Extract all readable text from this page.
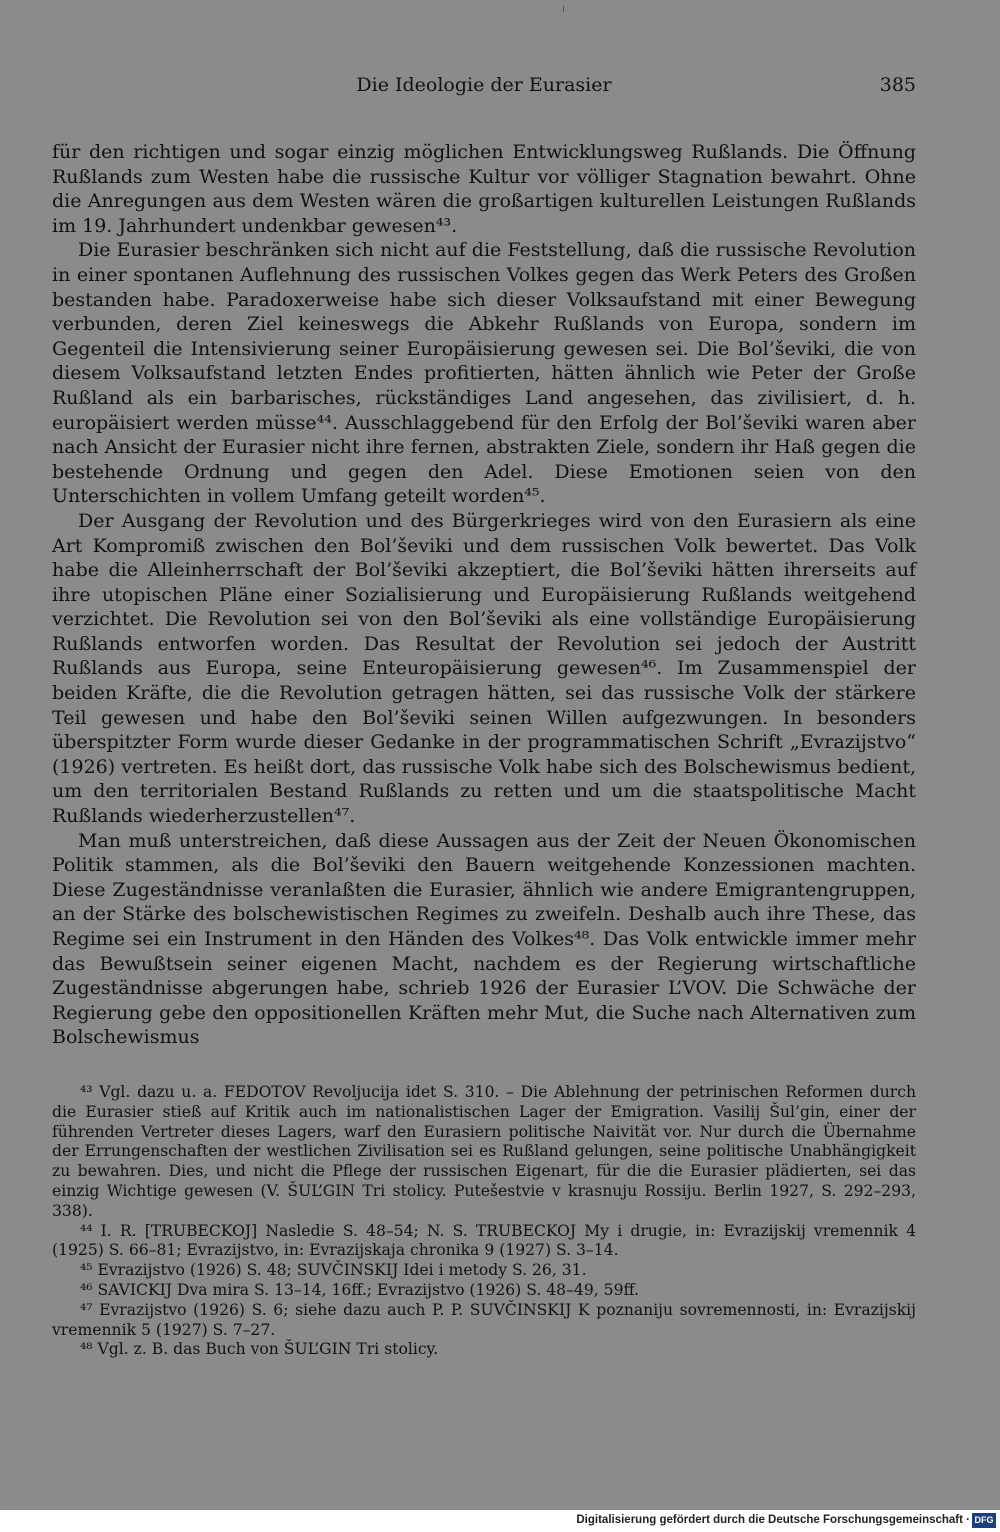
Die Ideologie der Eurasier	385

für den richtigen und sogar einzig möglichen Entwicklungsweg Rußlands. Die Öffnung Rußlands zum Westen habe die russische Kultur vor völliger Stagnation bewahrt. Ohne die Anregungen aus dem Westen wären die großartigen kulturellen Leistungen Rußlands im 19. Jahrhundert undenkbar gewesen⁴³.

Die Eurasier beschränken sich nicht auf die Feststellung, daß die russische Revolution in einer spontanen Auflehnung des russischen Volkes gegen das Werk Peters des Großen bestanden habe. Paradoxerweise habe sich dieser Volksaufstand mit einer Bewegung verbunden, deren Ziel keineswegs die Abkehr Rußlands von Europa, sondern im Gegenteil die Intensivierung seiner Europäisierung gewesen sei. Die Bol’ševiki, die von diesem Volksaufstand letzten Endes profitierten, hätten ähnlich wie Peter der Große Rußland als ein barbarisches, rückständiges Land angesehen, das zivilisiert, d. h. europäisiert werden müsse⁴⁴. Ausschlaggebend für den Erfolg der Bol’ševiki waren aber nach Ansicht der Eurasier nicht ihre fernen, abstrakten Ziele, sondern ihr Haß gegen die bestehende Ordnung und gegen den Adel. Diese Emotionen seien von den Unterschichten in vollem Umfang geteilt worden⁴⁵.

Der Ausgang der Revolution und des Bürgerkrieges wird von den Eurasiern als eine Art Kompromiß zwischen den Bol’ševiki und dem russischen Volk bewertet. Das Volk habe die Alleinherrschaft der Bol’ševiki akzeptiert, die Bol’ševiki hätten ihrerseits auf ihre utopischen Pläne einer Sozialisierung und Europäisierung Rußlands weitgehend verzichtet. Die Revolution sei von den Bol’ševiki als eine vollständige Europäisierung Rußlands entworfen worden. Das Resultat der Revolution sei jedoch der Austritt Rußlands aus Europa, seine Enteuropäisierung gewesen⁴⁶. Im Zusammenspiel der beiden Kräfte, die die Revolution getragen hätten, sei das russische Volk der stärkere Teil gewesen und habe den Bol’ševiki seinen Willen aufgezwungen. In besonders überspitzter Form wurde dieser Gedanke in der programmatischen Schrift „Evrazijstvo“ (1926) vertreten. Es heißt dort, das russische Volk habe sich des Bolschewismus bedient, um den territorialen Bestand Rußlands zu retten und um die staatspolitische Macht Rußlands wiederherzustellen⁴⁷.

Man muß unterstreichen, daß diese Aussagen aus der Zeit der Neuen Ökonomischen Politik stammen, als die Bol’ševiki den Bauern weitgehende Konzessionen machten. Diese Zugeständnisse veranlaßten die Eurasier, ähnlich wie andere Emigrantengruppen, an der Stärke des bolschewistischen Regimes zu zweifeln. Deshalb auch ihre These, das Regime sei ein Instrument in den Händen des Volkes⁴⁸. Das Volk entwickle immer mehr das Bewußtsein seiner eigenen Macht, nachdem es der Regierung wirtschaftliche Zugeständnisse abgerungen habe, schrieb 1926 der Eurasier L’VOV. Die Schwäche der Regierung gebe den oppositionellen Kräften mehr Mut, die Suche nach Alternativen zum Bolschewismus

⁴³ Vgl. dazu u. a. FEDOTOV Revoljucija idet S. 310. – Die Ablehnung der petrinischen Reformen durch die Eurasier stieß auf Kritik auch im nationalistischen Lager der Emigration. Vasilij Šul’gin, einer der führenden Vertreter dieses Lagers, warf den Eurasiern politische Naivität vor. Nur durch die Übernahme der Errungenschaften der westlichen Zivilisation sei es Rußland gelungen, seine politische Unabhängigkeit zu bewahren. Dies, und nicht die Pflege der russischen Eigenart, für die die Eurasier plädierten, sei das einzig Wichtige gewesen (V. ŠUL’GIN Tri stolicy. Putešestvie v krasnuju Rossiju. Berlin 1927, S. 292–293, 338).

⁴⁴ I. R. [TRUBECKOJ] Nasledie S. 48–54; N. S. TRUBECKOJ My i drugie, in: Evrazijskij vremennik 4 (1925) S. 66–81; Evrazijstvo, in: Evrazijskaja chronika 9 (1927) S. 3–14.

⁴⁵ Evrazijstvo (1926) S. 48; SUVČINSKIJ Idei i metody S. 26, 31.

⁴⁶ SAVICKIJ Dva mira S. 13–14, 16ff.; Evrazijstvo (1926) S. 48–49, 59ff.

⁴⁷ Evrazijstvo (1926) S. 6; siehe dazu auch P. P. SUVČINSKIJ K poznaniju sovremennosti, in: Evrazijskij vremennik 5 (1927) S. 7–27.

⁴⁸ Vgl. z. B. das Buch von ŠUL’GIN Tri stolicy.

Digitalisierung gefördert durch die Deutsche Forschungsgemeinschaft · DFG
